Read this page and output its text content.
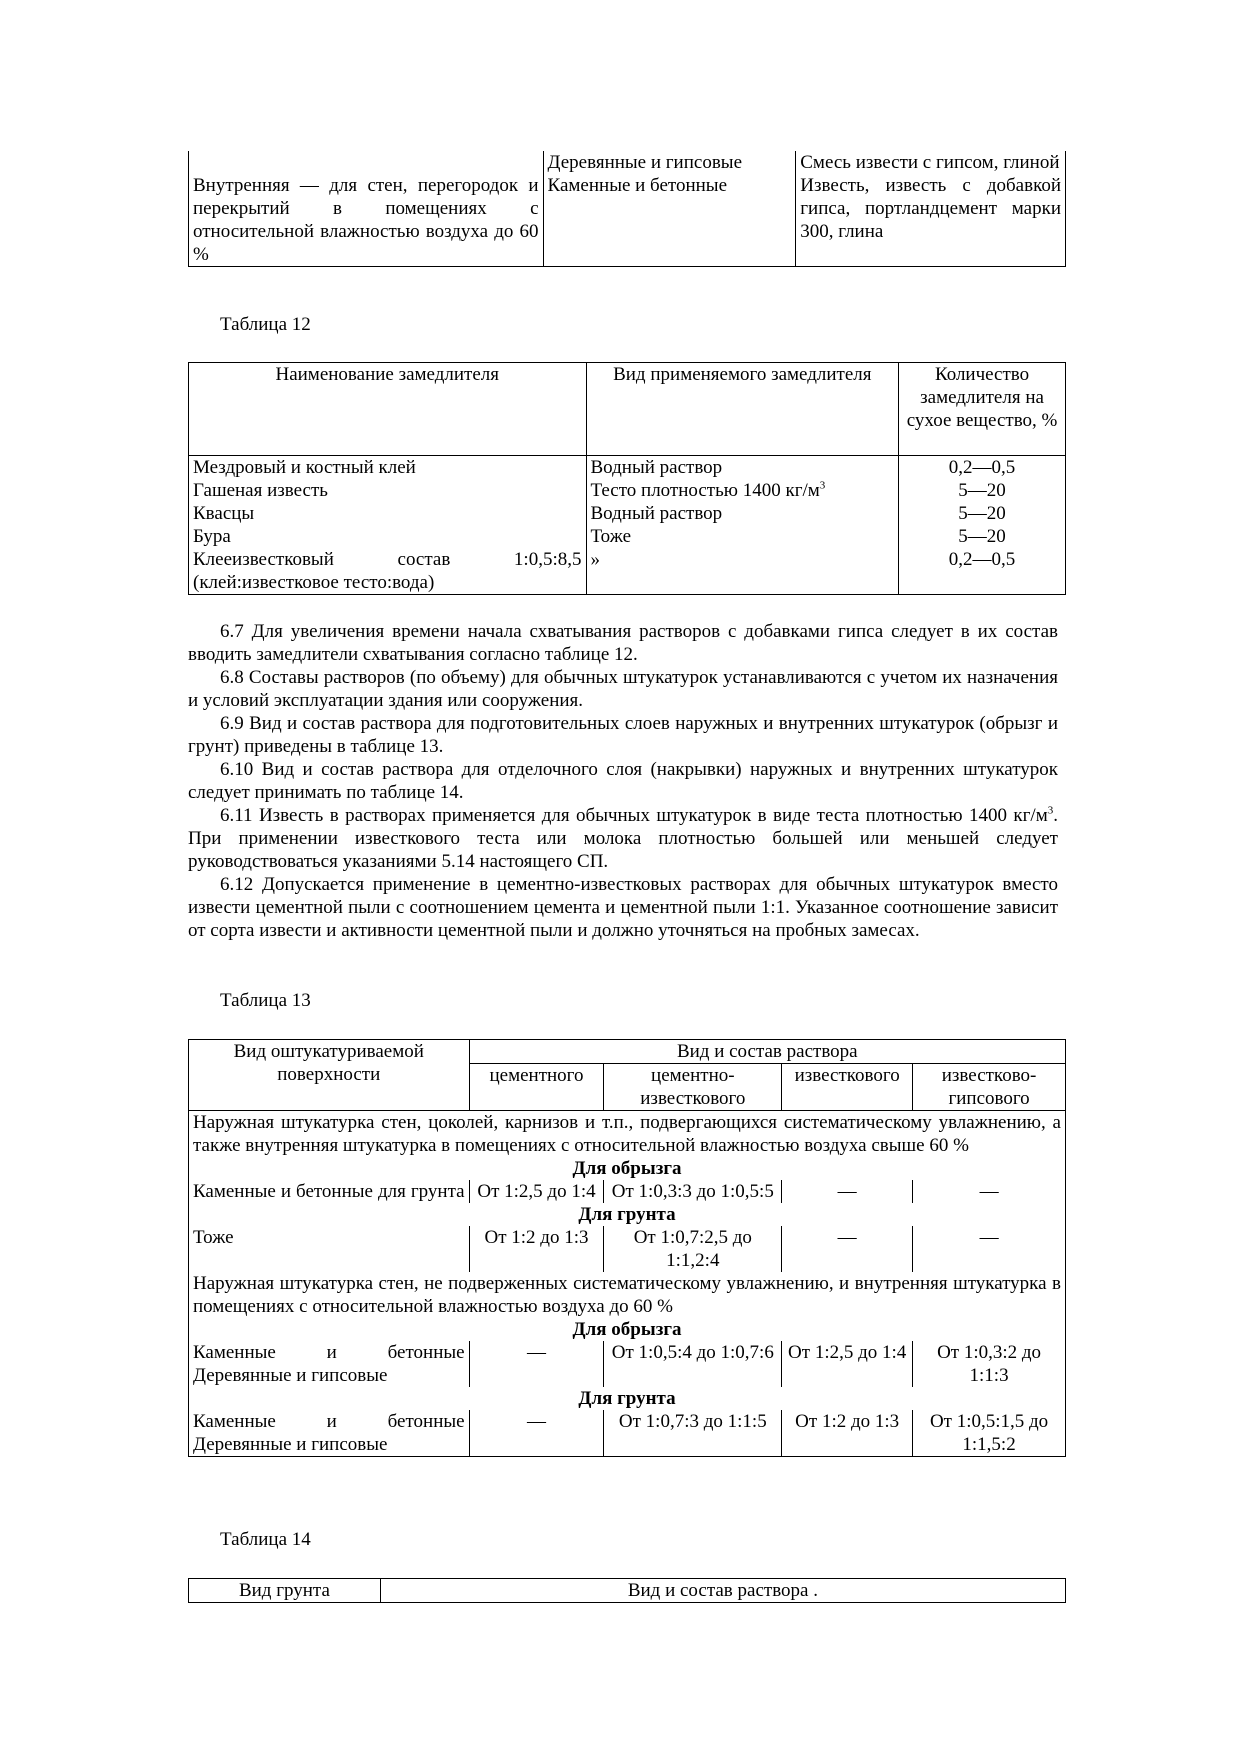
	Деревянные и гипсовые	Смесь извести с гипсом, глиной
Внутренняя — для стен, перегородок и перекрытий в помещениях с относительной влажностью воздуха до 60 %	Каменные и бетонные	Известь, известь с добавкой гипса, портландцемент марки 300, глина
Таблица 12
Наименование замедлителя	Вид применяемого замедлителя	Количество замедлителя на сухое вещество, %
Мездровый и костный клей	Водный раствор	0,2—0,5
Гашеная известь	Тесто плотностью 1400 $кг/м^3$	5—20
Квасцы	Водный раствор	5—20
Бура	Тоже	5—20
Клееизвестковый состав 1:0,5:8,5 (клей:известковое тесто:вода)	»	0,2—0,5

6.7 Для увеличения времени начала схватывания растворов с добавками гипса следует в их состав вводить замедлители схватывания согласно таблице 12.

6.8 Составы растворов (по объему) для обычных штукатурок устанавливаются с учетом их назначения и условий эксплуатации здания или сооружения.

6.9 Вид и состав раствора для подготовительных слоев наружных и внутренних штукатурок (обрызг и грунт) приведены в таблице 13.

6.10 Вид и состав раствора для отделочного слоя (накрывки) наружных и внутренних штукатурок следует принимать по таблице 14.

6.11 Известь в растворах применяется для обычных штукатурок в виде теста плотностью 1400 $кг/м^3$. При применении известкового теста или молока плотностью большей или меньшей следует руководствоваться указаниями 5.14 настоящего СП.

6.12 Допускается применение в цементно-известковых растворах для обычных штукатурок вместо извести цементной пыли с соотношением цемента и цементной пыли 1:1. Указанное соотношение зависит от сорта извести и активности цементной пыли и должно уточняться на пробных замесах.

Таблица 13
Вид оштукатуриваемой поверхности	Вид и состав раствора			
	цементного	цементно-известкового	известкового	известково-гипсового
Наружная штукатурка стен, цоколей, карнизов и т.п., подвергающихся систематическому увлажнению, а также внутренняя штукатурка в помещениях с относительной влажностью воздуха свыше 60 %				
Для обрызга				
Каменные и бетонные для грунта	От 1:2,5 до 1:4	От 1:0,3:3 до 1:0,5:5	—	—
Для грунта				
Тоже	От 1:2 до 1:3	От 1:0,7:2,5 до 1:1,2:4	—	—
Наружная штукатурка стен, не подверженных систематическому увлажнению, и внутренняя штукатурка в помещениях с относительной влажностью воздуха до 60 %				
Для обрызга				

Каменные и бетонные
Деревянные и гипсовые	—	От 1:0,5:4 до 1:0,7:6	От 1:2,5 до 1:4	От 1:0,3:2 до 1:1:3
Для грунта				

Каменные и бетонные
Деревянные и гипсовые	—	От 1:0,7:3 до 1:1:5	От 1:2 до 1:3	От 1:0,5:1,5 до 1:1,5:2
Таблица 14
Вид грунта	Вид и состав раствора .
